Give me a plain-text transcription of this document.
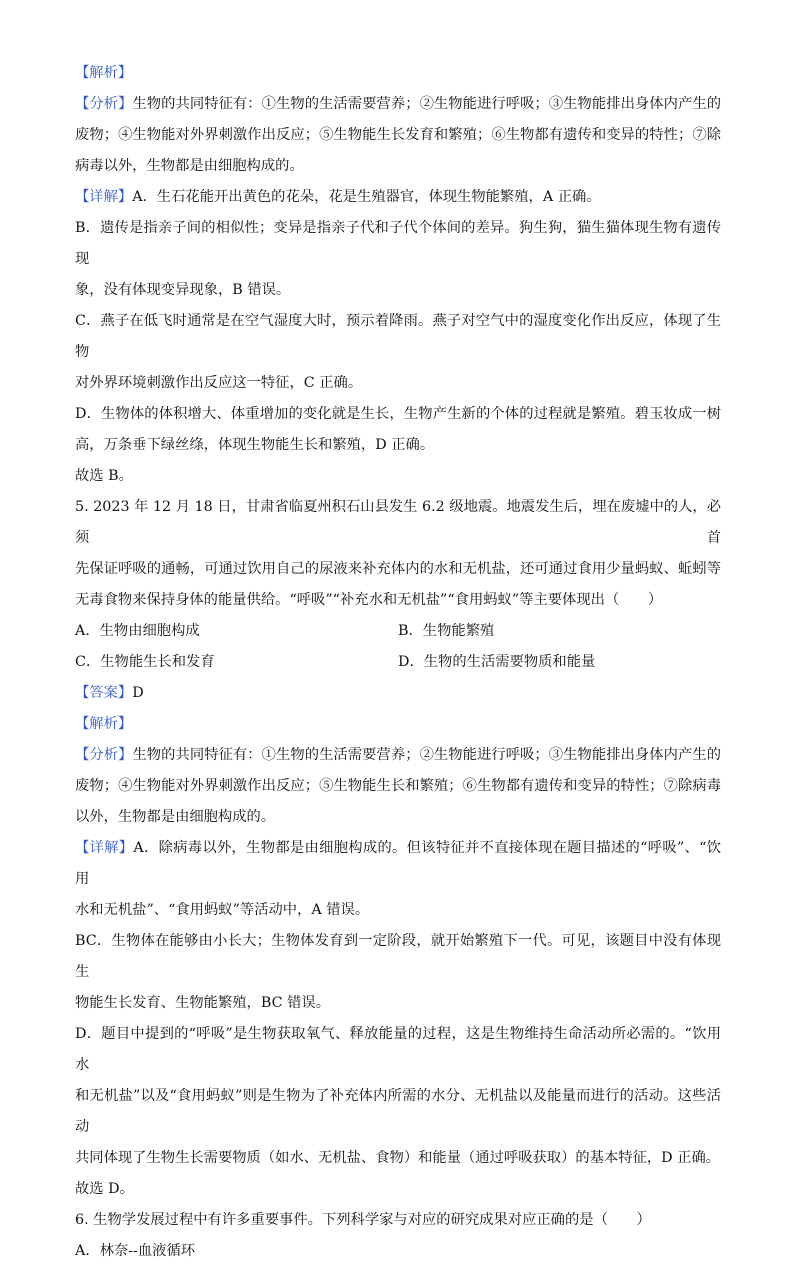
【解析】

【分析】生物的共同特征有：①生物的生活需要营养；②生物能进行呼吸；③生物能排出身体内产生的

废物；④生物能对外界刺激作出反应；⑤生物能生长发育和繁殖；⑥生物都有遗传和变异的特性；⑦除

病毒以外，生物都是由细胞构成的。

【详解】A．生石花能开出黄色的花朵，花是生殖器官，体现生物能繁殖，A 正确。

B．遗传是指亲子间的相似性；变异是指亲子代和子代个体间的差异。狗生狗，猫生猫体现生物有遗传现

象，没有体现变异现象，B 错误。

C．燕子在低飞时通常是在空气湿度大时，预示着降雨。燕子对空气中的湿度变化作出反应，体现了生物

对外界环境刺激作出反应这一特征，C 正确。

D．生物体的体积增大、体重增加的变化就是生长，生物产生新的个体的过程就是繁殖。碧玉妆成一树

高，万条垂下绿丝绦，体现生物能生长和繁殖，D 正确。

故选 B。

5. 2023 年 12 月 18 日，甘肃省临夏州积石山县发生 6.2 级地震。地震发生后，埋在废墟中的人，必须首

先保证呼吸的通畅，可通过饮用自己的尿液来补充体内的水和无机盐，还可通过食用少量蚂蚁、蚯蚓等

无毒食物来保持身体的能量供给。“呼吸”“补充水和无机盐”“食用蚂蚁”等主要体现出（　　）

A．生物由细胞构成	B．生物能繁殖
C．生物能生长和发育	D．生物的生活需要物质和能量

【答案】D

【解析】

【分析】生物的共同特征有：①生物的生活需要营养；②生物能进行呼吸；③生物能排出身体内产生的

废物；④生物能对外界刺激作出反应；⑤生物能生长和繁殖；⑥生物都有遗传和变异的特性；⑦除病毒

以外，生物都是由细胞构成的。

【详解】A．除病毒以外，生物都是由细胞构成的。但该特征并不直接体现在题目描述的“呼吸”、“饮用

水和无机盐”、“食用蚂蚁”等活动中，A 错误。

BC．生物体在能够由小长大；生物体发育到一定阶段，就开始繁殖下一代。可见，该题目中没有体现生

物能生长发育、生物能繁殖，BC 错误。

D．题目中提到的“呼吸”是生物获取氧气、释放能量的过程，这是生物维持生命活动所必需的。“饮用水

和无机盐”以及“食用蚂蚁”则是生物为了补充体内所需的水分、无机盐以及能量而进行的活动。这些活动

共同体现了生物生长需要物质（如水、无机盐、食物）和能量（通过呼吸获取）的基本特征，D 正确。

故选 D。

6. 生物学发展过程中有许多重要事件。下列科学家与对应的研究成果对应正确的是（　　）

A．林奈--血液循环
